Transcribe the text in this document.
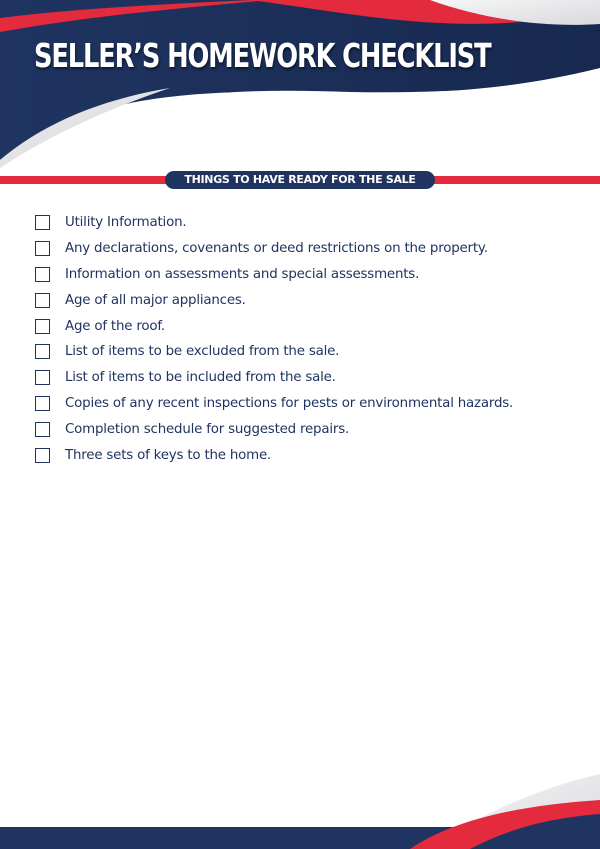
SELLER’S HOMEWORK CHECKLIST
THINGS TO HAVE READY FOR THE SALE
Utility Information.
Any declarations, covenants or deed restrictions on the property.
Information on assessments and special assessments.
Age of all major appliances.
Age of the roof.
List of items to be excluded from the sale.
List of items to be included from the sale.
Copies of any recent inspections for pests or environmental hazards.
Completion schedule for suggested repairs.
Three sets of keys to the home.
